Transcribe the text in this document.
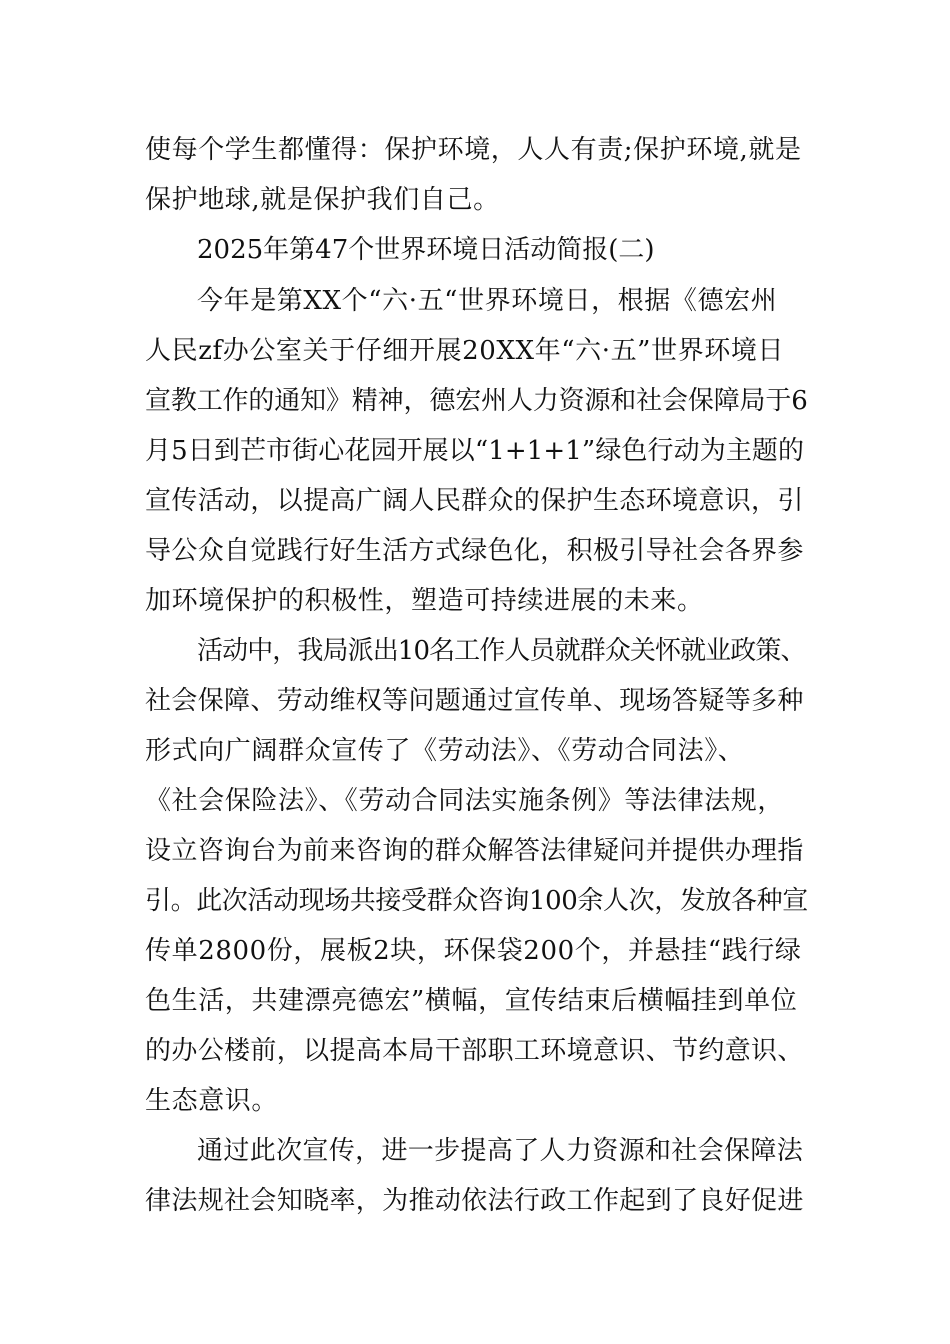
使每个学生都懂得：保护环境，人人有责;保护环境,就是
保护地球,就是保护我们自己。
2025年第47个世界环境日活动简报(二)
今年是第XX个“六·五“世界环境日，根据《德宏州
人民zf办公室关于仔细开展20XX年“六·五”世界环境日
宣教工作的通知》精神，德宏州人力资源和社会保障局于6
月5日到芒市街心花园开展以“1+1+1”绿色行动为主题的
宣传活动，以提高广阔人民群众的保护生态环境意识，引
导公众自觉践行好生活方式绿色化，积极引导社会各界参
加环境保护的积极性，塑造可持续进展的未来。
活动中，我局派出10名工作人员就群众关怀就业政策、
社会保障、劳动维权等问题通过宣传单、现场答疑等多种
形式向广阔群众宣传了《劳动法》、《劳动合同法》、
《社会保险法》、《劳动合同法实施条例》等法律法规，
设立咨询台为前来咨询的群众解答法律疑问并提供办理指
引。此次活动现场共接受群众咨询100余人次，发放各种宣
传单2800份，展板2块，环保袋200个，并悬挂“践行绿
色生活，共建漂亮德宏”横幅，宣传结束后横幅挂到单位
的办公楼前，以提高本局干部职工环境意识、节约意识、
生态意识。
通过此次宣传，进一步提高了人力资源和社会保障法
律法规社会知晓率，为推动依法行政工作起到了良好促进
